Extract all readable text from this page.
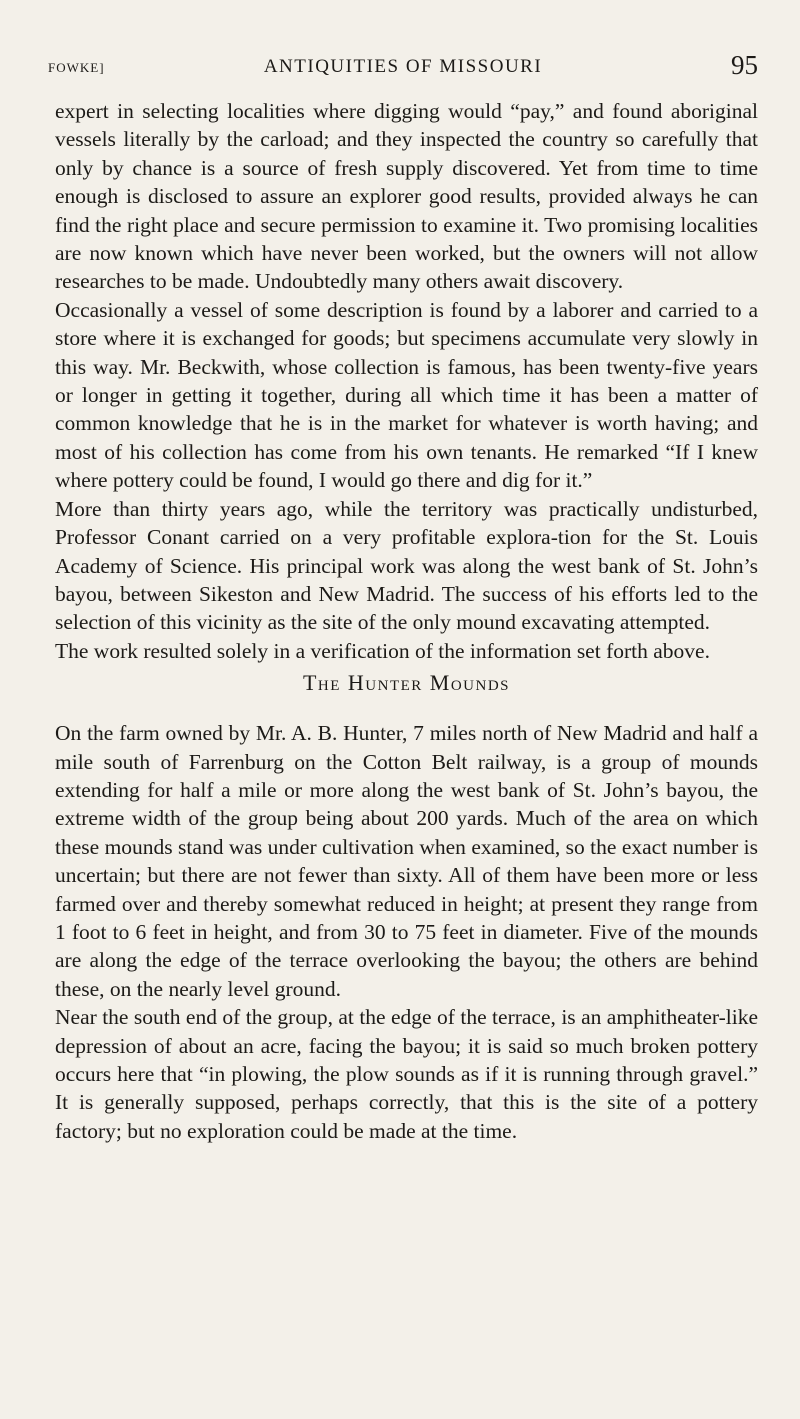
FOWKE]	ANTIQUITIES OF MISSOURI	95

expert in selecting localities where digging would “pay,” and found aboriginal vessels literally by the carload; and they inspected the country so carefully that only by chance is a source of fresh supply discovered. Yet from time to time enough is disclosed to assure an explorer good results, provided always he can find the right place and secure permission to examine it. Two promising localities are now known which have never been worked, but the owners will not allow researches to be made. Undoubtedly many others await discovery.

Occasionally a vessel of some description is found by a laborer and carried to a store where it is exchanged for goods; but specimens accumulate very slowly in this way. Mr. Beckwith, whose collection is famous, has been twenty-five years or longer in getting it together, during all which time it has been a matter of common knowledge that he is in the market for whatever is worth having; and most of his collection has come from his own tenants. He remarked “If I knew where pottery could be found, I would go there and dig for it.”

More than thirty years ago, while the territory was practically undisturbed, Professor Conant carried on a very profitable explora-tion for the St. Louis Academy of Science. His principal work was along the west bank of St. John’s bayou, between Sikeston and New Madrid. The success of his efforts led to the selection of this vicinity as the site of the only mound excavating attempted.

The work resulted solely in a verification of the information set forth above.

The Hunter Mounds

On the farm owned by Mr. A. B. Hunter, 7 miles north of New Madrid and half a mile south of Farrenburg on the Cotton Belt railway, is a group of mounds extending for half a mile or more along the west bank of St. John’s bayou, the extreme width of the group being about 200 yards. Much of the area on which these mounds stand was under cultivation when examined, so the exact number is uncertain; but there are not fewer than sixty. All of them have been more or less farmed over and thereby somewhat reduced in height; at present they range from 1 foot to 6 feet in height, and from 30 to 75 feet in diameter. Five of the mounds are along the edge of the terrace overlooking the bayou; the others are behind these, on the nearly level ground.

Near the south end of the group, at the edge of the terrace, is an amphitheater-like depression of about an acre, facing the bayou; it is said so much broken pottery occurs here that “in plowing, the plow sounds as if it is running through gravel.” It is generally supposed, perhaps correctly, that this is the site of a pottery factory; but no exploration could be made at the time.
